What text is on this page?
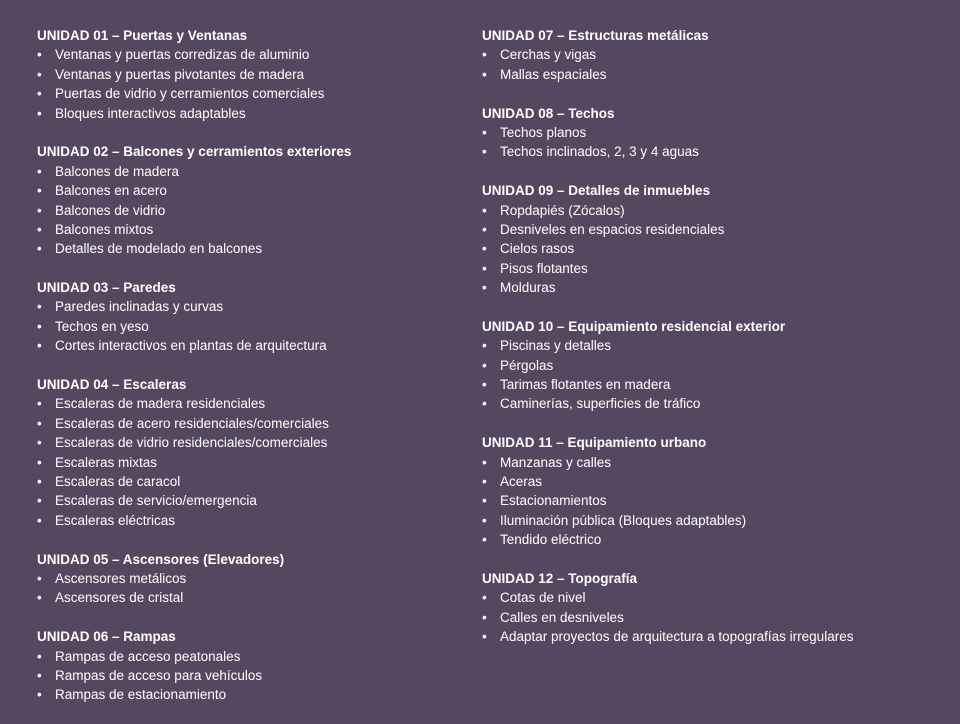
UNIDAD 01 – Puertas y Ventanas
• Ventanas y puertas corredizas de aluminio
• Ventanas y puertas pivotantes de madera
• Puertas de vidrio y cerramientos comerciales
• Bloques interactivos adaptables
UNIDAD 02 – Balcones y cerramientos exteriores
• Balcones de madera
• Balcones en acero
• Balcones de vidrio
• Balcones mixtos
• Detalles de modelado en balcones
UNIDAD 03 – Paredes
• Paredes inclinadas y curvas
• Techos en yeso
• Cortes interactivos en plantas de arquitectura
UNIDAD 04 – Escaleras
• Escaleras de madera residenciales
• Escaleras de acero residenciales/comerciales
• Escaleras de vidrio residenciales/comerciales
• Escaleras mixtas
• Escaleras de caracol
• Escaleras de servicio/emergencia
• Escaleras eléctricas
UNIDAD 05 – Ascensores (Elevadores)
• Ascensores metálicos
• Ascensores de cristal
UNIDAD 06 – Rampas
• Rampas de acceso peatonales
• Rampas de acceso para vehículos
• Rampas de estacionamiento
UNIDAD 07 – Estructuras metálicas
• Cerchas y vigas
• Mallas espaciales
UNIDAD 08 – Techos
• Techos planos
• Techos inclinados, 2, 3 y 4 aguas
UNIDAD 09 – Detalles de inmuebles
• Ropdapiés (Zócalos)
• Desniveles en espacios residenciales
• Cielos rasos
• Pisos flotantes
• Molduras
UNIDAD 10 – Equipamiento residencial exterior
• Piscinas y detalles
• Pérgolas
• Tarimas flotantes en madera
• Caminerías, superficies de tráfico
UNIDAD 11 – Equipamiento urbano
• Manzanas y calles
• Aceras
• Estacionamientos
• Iluminación pública (Bloques adaptables)
• Tendido eléctrico
UNIDAD 12 – Topografía
• Cotas de nivel
• Calles en desniveles
• Adaptar proyectos de arquitectura a topografías irregulares
